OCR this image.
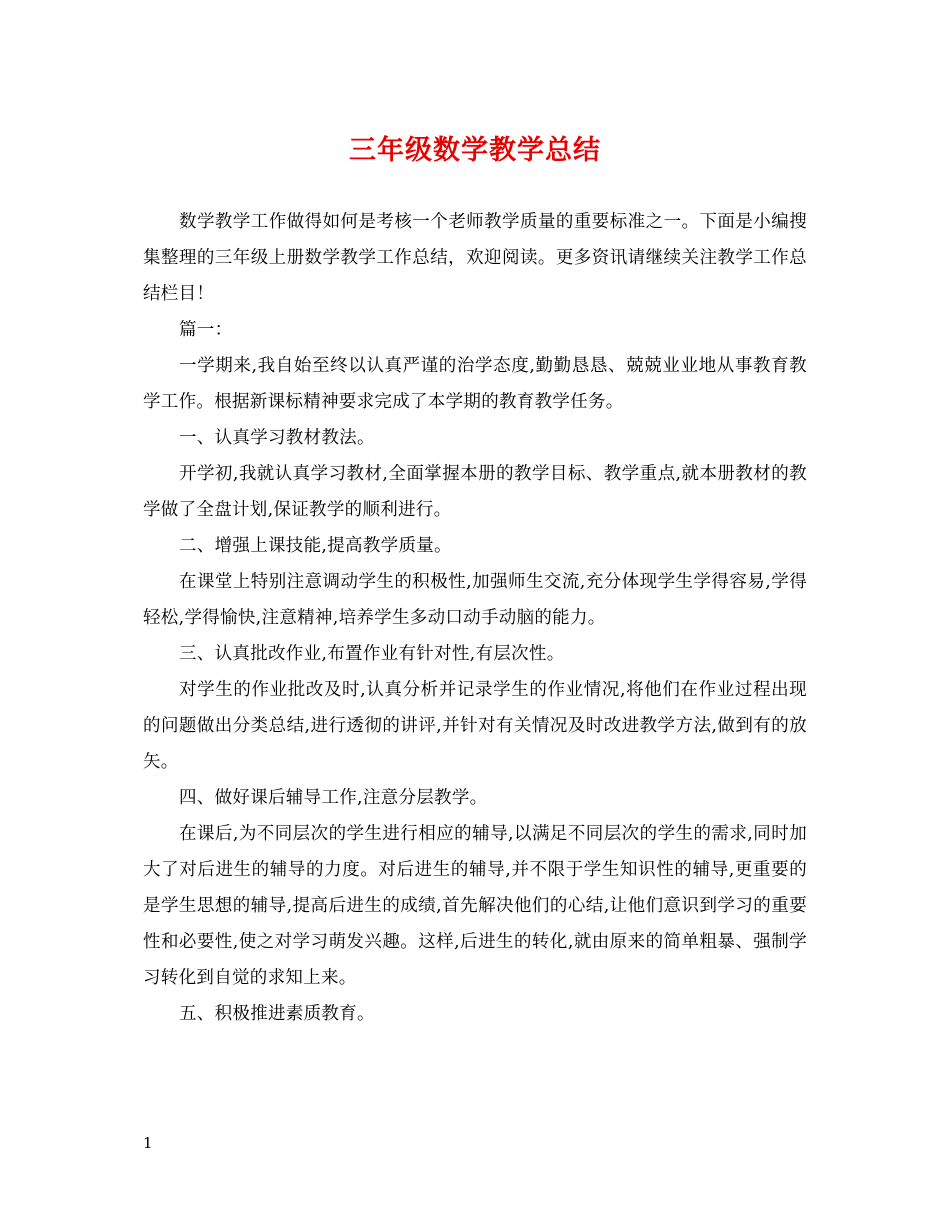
三年级数学教学总结

数学教学工作做得如何是考核一个老师教学质量的重要标准之一。下面是小编搜集整理的三年级上册数学教学工作总结，欢迎阅读。更多资讯请继续关注教学工作总结栏目！

篇一：

一学期来,我自始至终以认真严谨的治学态度,勤勤恳恳、兢兢业业地从事教育教学工作。根据新课标精神要求完成了本学期的教育教学任务。

一、认真学习教材教法。

开学初,我就认真学习教材,全面掌握本册的教学目标、教学重点,就本册教材的教学做了全盘计划,保证教学的顺利进行。

二、增强上课技能,提高教学质量。

在课堂上特别注意调动学生的积极性,加强师生交流,充分体现学生学得容易,学得轻松,学得愉快,注意精神,培养学生多动口动手动脑的能力。

三、认真批改作业,布置作业有针对性,有层次性。

对学生的作业批改及时,认真分析并记录学生的作业情况,将他们在作业过程出现的问题做出分类总结,进行透彻的讲评,并针对有关情况及时改进教学方法,做到有的放矢。

四、做好课后辅导工作,注意分层教学。

在课后,为不同层次的学生进行相应的辅导,以满足不同层次的学生的需求,同时加大了对后进生的辅导的力度。对后进生的辅导,并不限于学生知识性的辅导,更重要的是学生思想的辅导,提高后进生的成绩,首先解决他们的心结,让他们意识到学习的重要性和必要性,使之对学习萌发兴趣。这样,后进生的转化,就由原来的简单粗暴、强制学习转化到自觉的求知上来。

五、积极推进素质教育。

1
